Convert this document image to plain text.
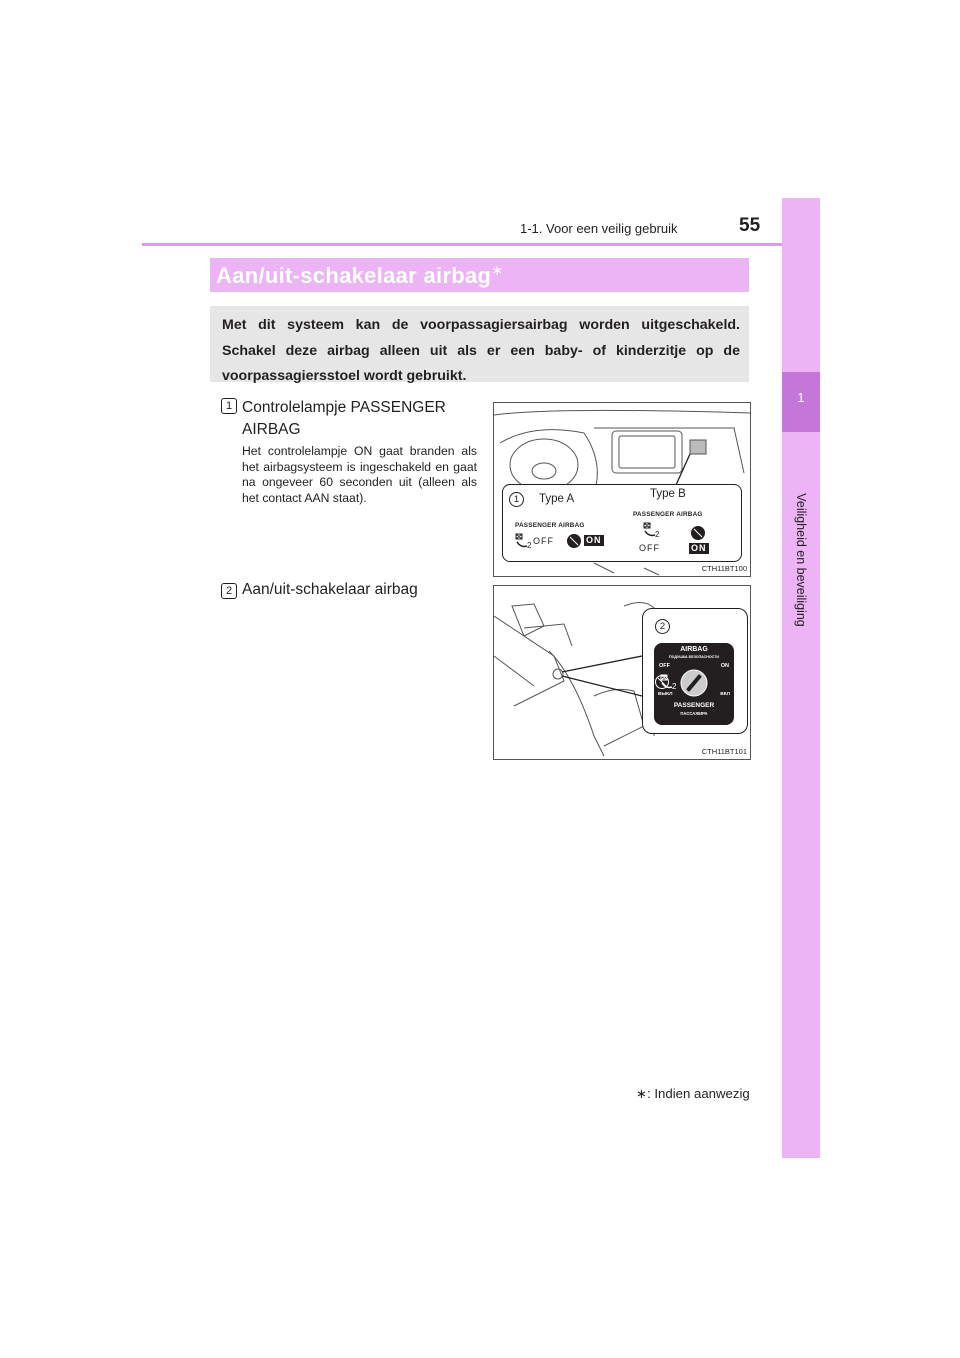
1-1. Voor een veilig gebruik	55
1
Veiligheid en beveiliging
Aan/uit-schakelaar airbag∗
Met dit systeem kan de voorpassagiersairbag worden uitgeschakeld. Schakel deze airbag alleen uit als er een baby- of kinderzitje op de voorpassagiersstoel wordt gebruikt.
1 Controlelampje PASSENGER AIRBAG
Het controlelampje ON gaat branden als het airbagsysteem is ingeschakeld en gaat na ongeveer 60 seconden uit (alleen als het contact AAN staat).
2 Aan/uit-schakelaar airbag
1	Type A	Type B
PASSENGER AIRBAG
2 OFF	ON
PASSENGER AIRBAG
2
OFF	ON
CTH11BT100
2
AIRBAG
ПОДУШКА БЕЗОПАСНОСТИ
OFF	ON
2
ВЫКЛ	ВКЛ
PASSENGER
ПАССАЖИРА
CTH11BT101
∗: Indien aanwezig
